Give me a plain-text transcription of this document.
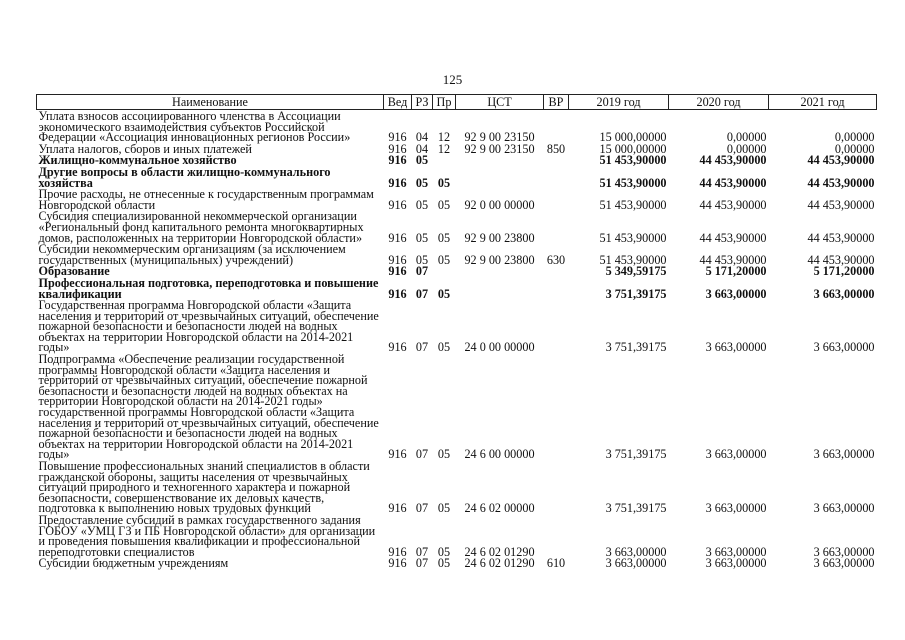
125
Наименование	Вед	РЗ	Пр	ЦСТ	ВР	2019 год	2020 год	2021 год
Уплата взносов ассоциированного членства в Ассоциации экономического взаимодействия субъектов Российской Федерации «Ассоциация инновационных регионов России»	916	04	12	92 9 00 23150		15 000,00000	0,00000	0,00000
Уплата налогов, сборов и иных платежей	916	04	12	92 9 00 23150	850	15 000,00000	0,00000	0,00000
Жилищно-коммунальное хозяйство	916	05				51 453,90000	44 453,90000	44 453,90000
Другие вопросы в области жилищно-коммунального хозяйства	916	05	05			51 453,90000	44 453,90000	44 453,90000
Прочие расходы, не отнесенные к государственным программам Новгородской области	916	05	05	92 0 00 00000		51 453,90000	44 453,90000	44 453,90000
Субсидия специализированной некоммерческой организации «Региональный фонд капитального ремонта многоквартирных домов, расположенных на территории Новгородской области»	916	05	05	92 9 00 23800		51 453,90000	44 453,90000	44 453,90000
Субсидии некоммерческим организациям (за исключением государственных (муниципальных) учреждений)	916	05	05	92 9 00 23800	630	51 453,90000	44 453,90000	44 453,90000
Образование	916	07				5 349,59175	5 171,20000	5 171,20000
Профессиональная подготовка, переподготовка и повышение квалификации	916	07	05			3 751,39175	3 663,00000	3 663,00000
Государственная программа Новгородской области «Защита населения и территорий от чрезвычайных ситуаций, обеспечение пожарной безопасности и безопасности людей на водных объектах на территории Новгородской области на 2014-2021 годы»	916	07	05	24 0 00 00000		3 751,39175	3 663,00000	3 663,00000
Подпрограмма «Обеспечение реализации государственной программы Новгородской области «Защита населения и территорий от чрезвычайных ситуаций, обеспечение пожарной безопасности и безопасности людей на водных объектах на территории Новгородской области на 2014-2021 годы» государственной программы Новгородской области «Защита населения и территорий от чрезвычайных ситуаций, обеспечение пожарной безопасности и безопасности людей на водных объектах на территории Новгородской области на 2014-2021 годы»	916	07	05	24 6 00 00000		3 751,39175	3 663,00000	3 663,00000
Повышение профессиональных знаний специалистов в области гражданской обороны, защиты населения от чрезвычайных ситуаций природного и техногенного характера и пожарной безопасности, совершенствование их деловых качеств, подготовка к выполнению новых трудовых функций	916	07	05	24 6 02 00000		3 751,39175	3 663,00000	3 663,00000
Предоставление субсидий в рамках государственного задания ГОБОУ «УМЦ ГЗ и ПБ Новгородской области» для организации и проведения повышения квалификации и профессиональной переподготовки специалистов	916	07	05	24 6 02 01290		3 663,00000	3 663,00000	3 663,00000
Субсидии бюджетным учреждениям	916	07	05	24 6 02 01290	610	3 663,00000	3 663,00000	3 663,00000
